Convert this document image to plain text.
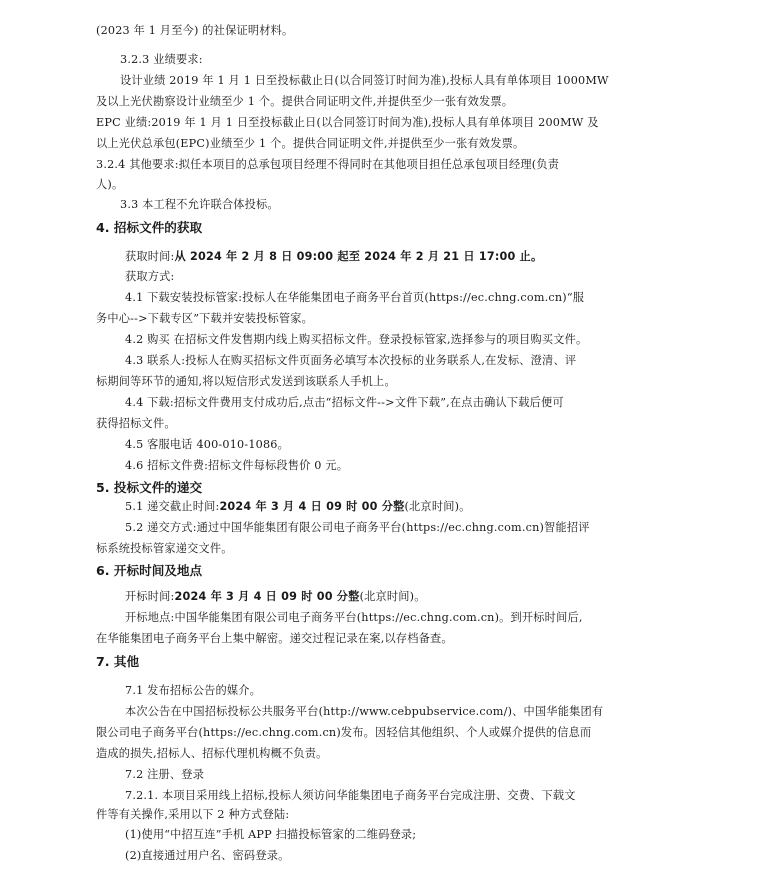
(2023 年 1 月至今) 的社保证明材料。
3.2.3 业绩要求:
设计业绩 2019 年 1 月 1 日至投标截止日(以合同签订时间为准),投标人具有单体项目 1000MW
及以上光伏勘察设计业绩至少 1 个。提供合同证明文件,并提供至少一张有效发票。
EPC 业绩:2019 年 1 月 1 日至投标截止日(以合同签订时间为准),投标人具有单体项目 200MW 及
以上光伏总承包(EPC)业绩至少 1 个。提供合同证明文件,并提供至少一张有效发票。
3.2.4 其他要求:拟任本项目的总承包项目经理不得同时在其他项目担任总承包项目经理(负责
人)。
3.3 本工程不允许联合体投标。
4. 招标文件的获取
获取时间:从 2024 年 2 月 8 日 09:00 起至 2024 年 2 月 21 日 17:00 止。
获取方式:
4.1 下载安装投标管家:投标人在华能集团电子商务平台首页(https://ec.chng.com.cn)“服
务中心-->下载专区”下载并安装投标管家。
4.2 购买 在招标文件发售期内线上购买招标文件。登录投标管家,选择参与的项目购买文件。
4.3 联系人:投标人在购买招标文件页面务必填写本次投标的业务联系人,在发标、澄清、评
标期间等环节的通知,将以短信形式发送到该联系人手机上。
4.4 下载:招标文件费用支付成功后,点击“招标文件-->文件下载”,在点击确认下载后便可
获得招标文件。
4.5 客服电话 400-010-1086。
4.6 招标文件费:招标文件每标段售价 0 元。
5. 投标文件的递交
5.1 递交截止时间:2024 年 3 月 4 日 09 时 00 分整(北京时间)。
5.2 递交方式:通过中国华能集团有限公司电子商务平台(https://ec.chng.com.cn)智能招评
标系统投标管家递交文件。
6. 开标时间及地点
开标时间:2024 年 3 月 4 日 09 时 00 分整(北京时间)。
开标地点:中国华能集团有限公司电子商务平台(https://ec.chng.com.cn)。到开标时间后,
在华能集团电子商务平台上集中解密。递交过程记录在案,以存档备查。
7. 其他
7.1 发布招标公告的媒介。
本次公告在中国招标投标公共服务平台(http://www.cebpubservice.com/)、中国华能集团有
限公司电子商务平台(https://ec.chng.com.cn)发布。因轻信其他组织、个人或媒介提供的信息而
造成的损失,招标人、招标代理机构概不负责。
7.2 注册、登录
7.2.1. 本项目采用线上招标,投标人须访问华能集团电子商务平台完成注册、交费、下载文
件等有关操作,采用以下 2 种方式登陆:
(1)使用“中招互连”手机 APP 扫描投标管家的二维码登录;
(2)直接通过用户名、密码登录。
